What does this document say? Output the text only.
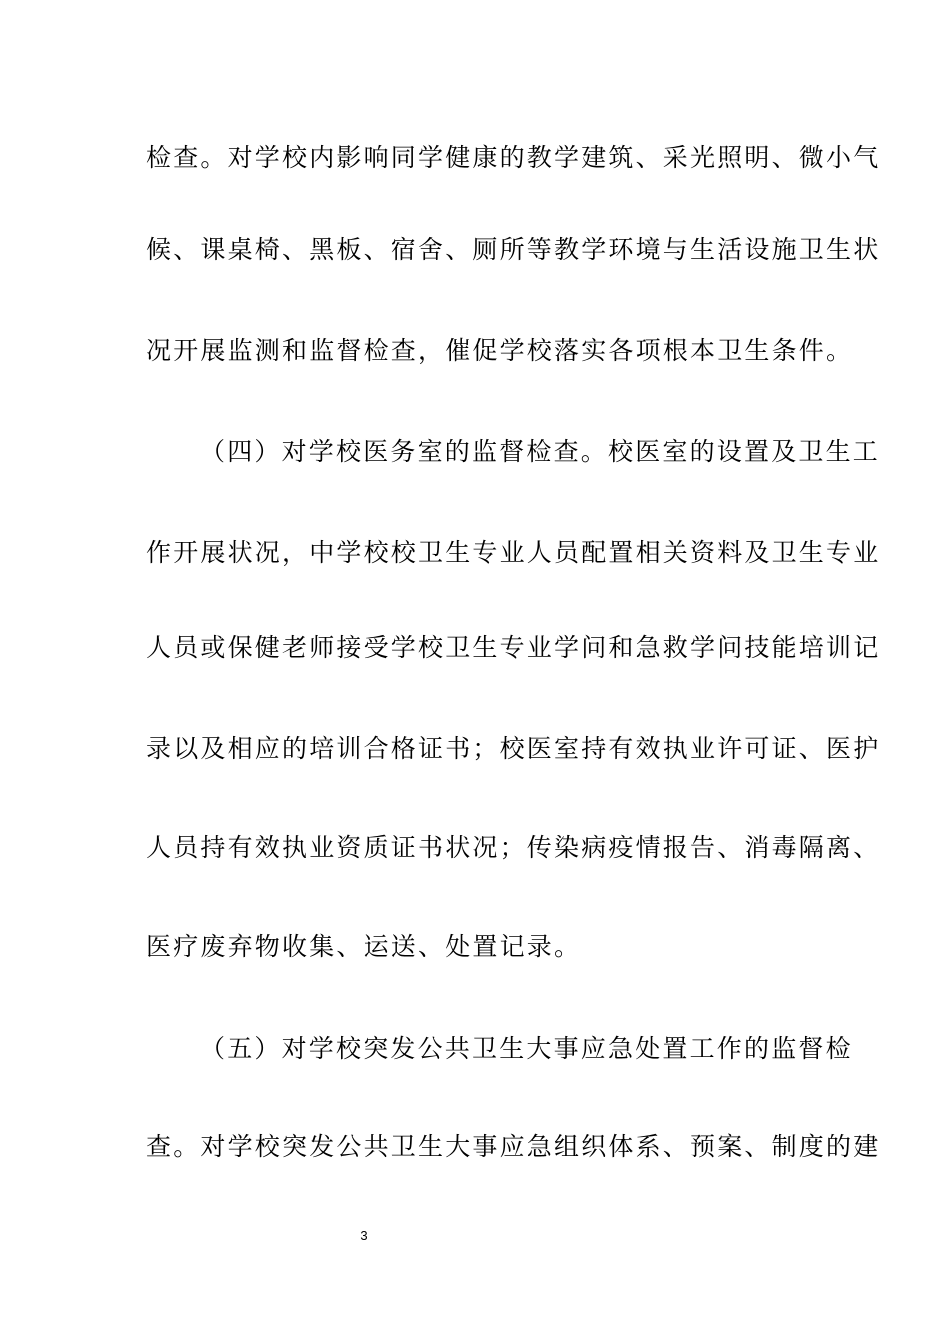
检查。对学校内影响同学健康的教学建筑、采光照明、微小气
候、课桌椅、黑板、宿舍、厕所等教学环境与生活设施卫生状
况开展监测和监督检查，催促学校落实各项根本卫生条件。
（四）对学校医务室的监督检查。校医室的设置及卫生工
作开展状况，中学校校卫生专业人员配置相关资料及卫生专业
人员或保健老师接受学校卫生专业学问和急救学问技能培训记
录以及相应的培训合格证书；校医室持有效执业许可证、医护
人员持有效执业资质证书状况；传染病疫情报告、消毒隔离、
医疗废弃物收集、运送、处置记录。
（五）对学校突发公共卫生大事应急处置工作的监督检
查。对学校突发公共卫生大事应急组织体系、预案、制度的建
3
